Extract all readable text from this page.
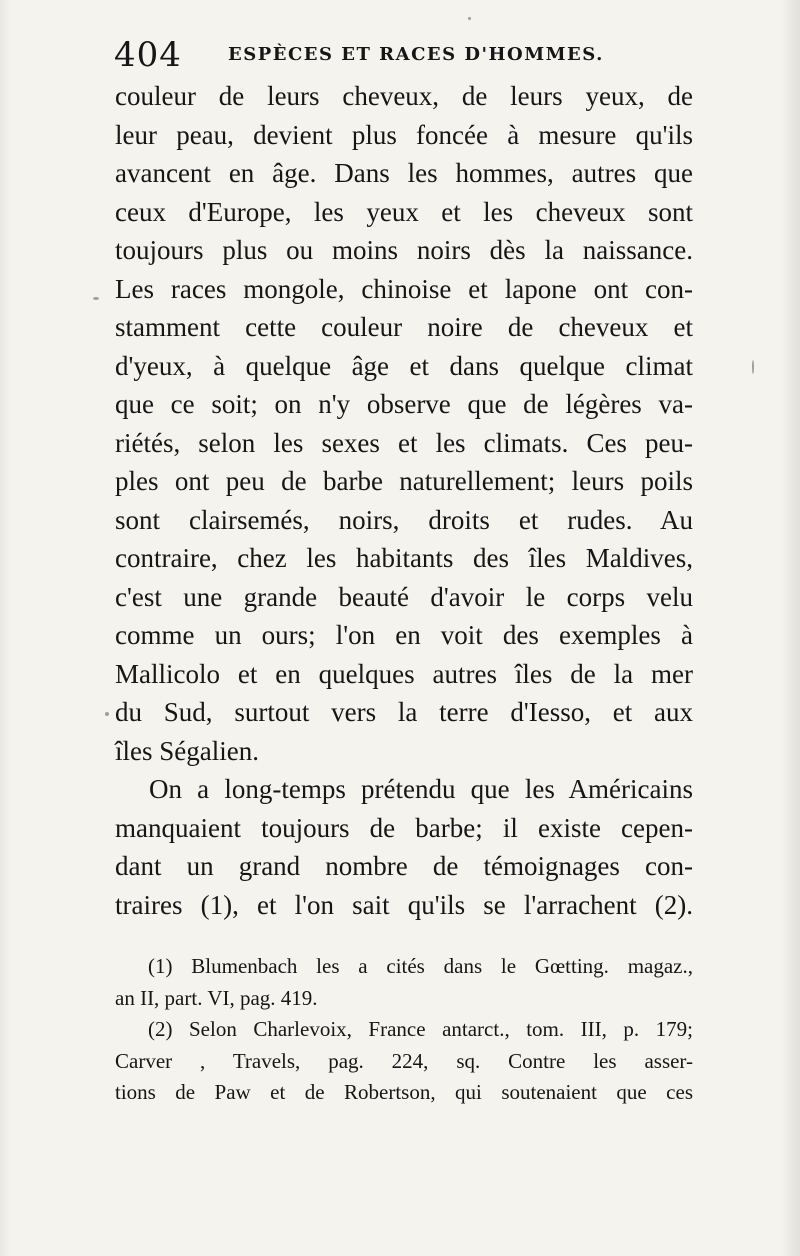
404	ESPÈCES ET RACES D'HOMMES.
couleur de leurs cheveux, de leurs yeux, de
leur peau, devient plus foncée à mesure qu'ils
avancent en âge. Dans les hommes, autres que
ceux d'Europe, les yeux et les cheveux sont
toujours plus ou moins noirs dès la naissance.
Les races mongole, chinoise et lapone ont con-
stamment cette couleur noire de cheveux et
d'yeux, à quelque âge et dans quelque climat
que ce soit; on n'y observe que de légères va-
riétés, selon les sexes et les climats. Ces peu-
ples ont peu de barbe naturellement; leurs poils
sont clairsemés, noirs, droits et rudes. Au
contraire, chez les habitants des îles Maldives,
c'est une grande beauté d'avoir le corps velu
comme un ours; l'on en voit des exemples à
Mallicolo et en quelques autres îles de la mer
du Sud, surtout vers la terre d'Iesso, et aux
îles Ségalien.
On a long-temps prétendu que les Américains
manquaient toujours de barbe; il existe cepen-
dant un grand nombre de témoignages con-
traires (1), et l'on sait qu'ils se l'arrachent (2).
(1) Blumenbach les a cités dans le Gœtting. magaz.,
an II, part. VI, pag. 419.
(2) Selon Charlevoix, France antarct., tom. III, p. 179;
Carver , Travels, pag. 224, sq. Contre les asser-
tions de Paw et de Robertson, qui soutenaient que ces
